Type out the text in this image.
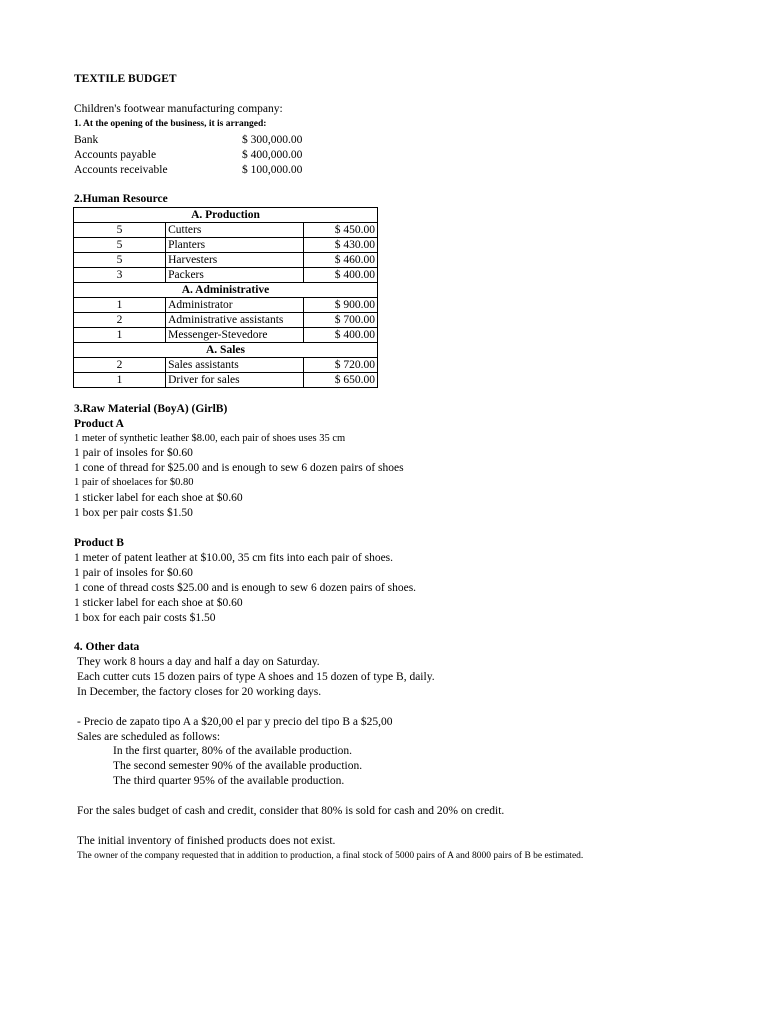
TEXTILE BUDGET
Children's footwear manufacturing company:
1. At the opening of the business, it is arranged:
Bank	$ 300,000.00
Accounts payable	$ 400,000.00
Accounts receivable	$ 100,000.00
2.Human Resource
A. Production		
5	Cutters	$ 450.00
5	Planters	$ 430.00
5	Harvesters	$ 460.00
3	Packers	$ 400.00
A. Administrative		
1	Administrator	$ 900.00
2	Administrative assistants	$ 700.00
1	Messenger-Stevedore	$ 400.00
A. Sales		
2	Sales assistants	$ 720.00
1	Driver for sales	$ 650.00
3.Raw Material (BoyA) (GirlB)
Product A
1 meter of synthetic leather $8.00, each pair of shoes uses 35 cm
1 pair of insoles for $0.60
1 cone of thread for $25.00 and is enough to sew 6 dozen pairs of shoes
1 pair of shoelaces for $0.80
1 sticker label for each shoe at $0.60
1 box per pair costs $1.50
Product B
1 meter of patent leather at $10.00, 35 cm fits into each pair of shoes.
1 pair of insoles for $0.60
1 cone of thread costs $25.00 and is enough to sew 6 dozen pairs of shoes.
1 sticker label for each shoe at $0.60
1 box for each pair costs $1.50
4. Other data
They work 8 hours a day and half a day on Saturday.
Each cutter cuts 15 dozen pairs of type A shoes and 15 dozen of type B, daily.
In December, the factory closes for 20 working days.
- Precio de zapato tipo A a $20,00 el par y precio del tipo B a $25,00
Sales are scheduled as follows:
In the first quarter, 80% of the available production.
The second semester 90% of the available production.
The third quarter 95% of the available production.
For the sales budget of cash and credit, consider that 80% is sold for cash and 20% on credit.
The initial inventory of finished products does not exist.
The owner of the company requested that in addition to production, a final stock of 5000 pairs of A and 8000 pairs of B be estimated.
